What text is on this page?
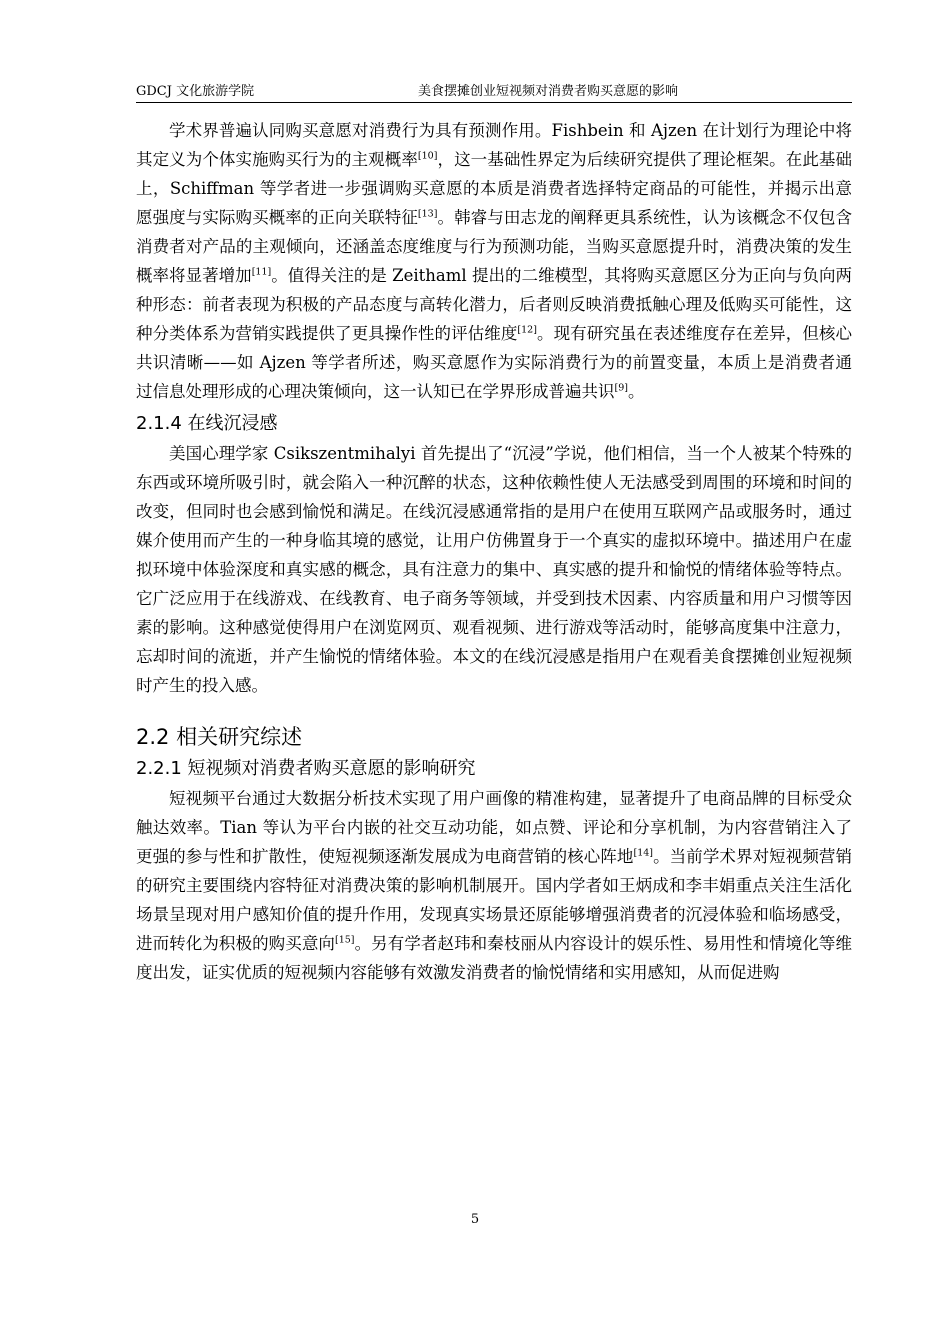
GDCJ 文化旅游学院	美食摆摊创业短视频对消费者购买意愿的影响

学术界普遍认同购买意愿对消费行为具有预测作用。Fishbein 和 Ajzen 在计划行为理论中将其定义为个体实施购买行为的主观概率[10]，这一基础性界定为后续研究提供了理论框架。在此基础上，Schiffman 等学者进一步强调购买意愿的本质是消费者选择特定商品的可能性，并揭示出意愿强度与实际购买概率的正向关联特征[13]。韩睿与田志龙的阐释更具系统性，认为该概念不仅包含消费者对产品的主观倾向，还涵盖态度维度与行为预测功能，当购买意愿提升时，消费决策的发生概率将显著增加[11]。值得关注的是 Zeithaml 提出的二维模型，其将购买意愿区分为正向与负向两种形态：前者表现为积极的产品态度与高转化潜力，后者则反映消费抵触心理及低购买可能性，这种分类体系为营销实践提供了更具操作性的评估维度[12]。现有研究虽在表述维度存在差异，但核心共识清晰——如 Ajzen 等学者所述，购买意愿作为实际消费行为的前置变量，本质上是消费者通过信息处理形成的心理决策倾向，这一认知已在学界形成普遍共识[9]。

2.1.4 在线沉浸感

美国心理学家 Csikszentmihalyi 首先提出了“沉浸”学说，他们相信，当一个人被某个特殊的东西或环境所吸引时，就会陷入一种沉醉的状态，这种依赖性使人无法感受到周围的环境和时间的改变，但同时也会感到愉悦和满足。在线沉浸感通常指的是用户在使用互联网产品或服务时，通过媒介使用而产生的一种身临其境的感觉，让用户仿佛置身于一个真实的虚拟环境中。描述用户在虚拟环境中体验深度和真实感的概念，具有注意力的集中、真实感的提升和愉悦的情绪体验等特点。它广泛应用于在线游戏、在线教育、电子商务等领域，并受到技术因素、内容质量和用户习惯等因素的影响。这种感觉使得用户在浏览网页、观看视频、进行游戏等活动时，能够高度集中注意力，忘却时间的流逝，并产生愉悦的情绪体验。本文的在线沉浸感是指用户在观看美食摆摊创业短视频时产生的投入感。

2.2 相关研究综述
2.2.1 短视频对消费者购买意愿的影响研究

短视频平台通过大数据分析技术实现了用户画像的精准构建，显著提升了电商品牌的目标受众触达效率。Tian 等认为平台内嵌的社交互动功能，如点赞、评论和分享机制，为内容营销注入了更强的参与性和扩散性，使短视频逐渐发展成为电商营销的核心阵地[14]。当前学术界对短视频营销的研究主要围绕内容特征对消费决策的影响机制展开。国内学者如王炳成和李丰娟重点关注生活化场景呈现对用户感知价值的提升作用，发现真实场景还原能够增强消费者的沉浸体验和临场感受，进而转化为积极的购买意向[15]。另有学者赵玮和秦枝丽从内容设计的娱乐性、易用性和情境化等维度出发，证实优质的短视频内容能够有效激发消费者的愉悦情绪和实用感知，从而促进购

5
